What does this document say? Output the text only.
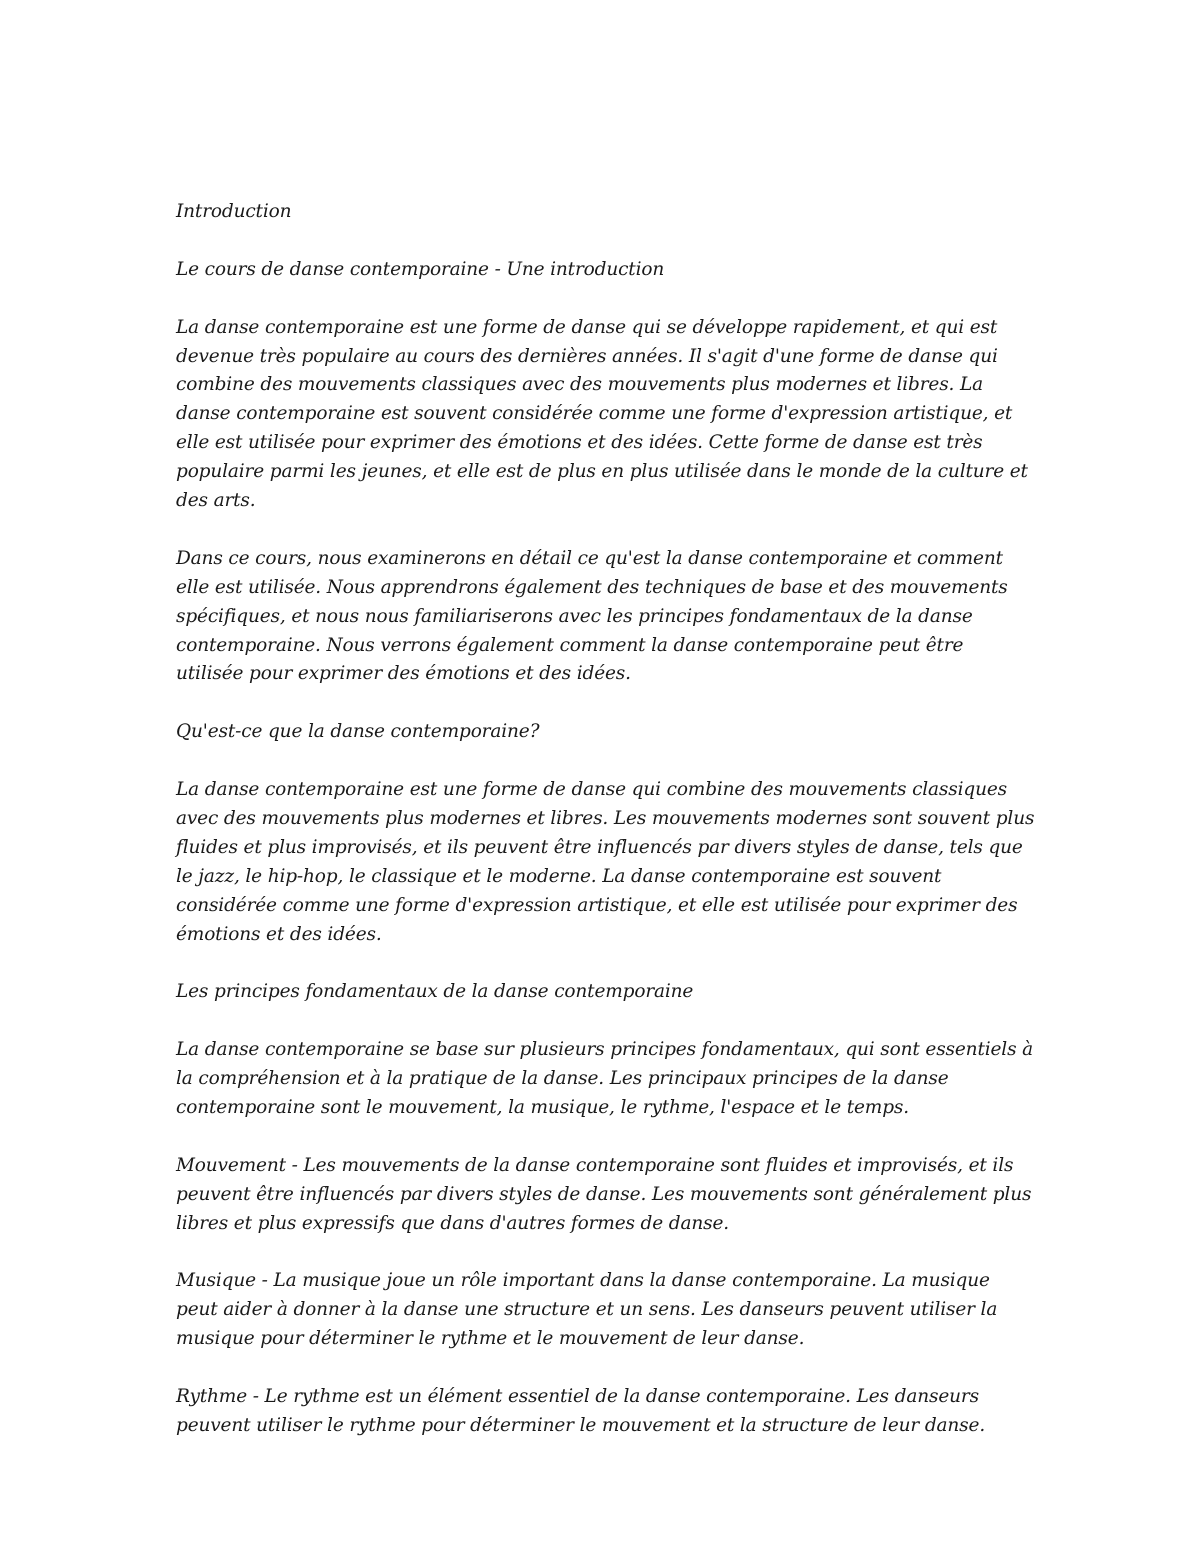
Introduction
Le cours de danse contemporaine - Une introduction
La danse contemporaine est une forme de danse qui se développe rapidement, et qui est devenue très populaire au cours des dernières années. Il s'agit d'une forme de danse qui combine des mouvements classiques avec des mouvements plus modernes et libres. La danse contemporaine est souvent considérée comme une forme d'expression artistique, et elle est utilisée pour exprimer des émotions et des idées. Cette forme de danse est très populaire parmi les jeunes, et elle est de plus en plus utilisée dans le monde de la culture et des arts.
Dans ce cours, nous examinerons en détail ce qu'est la danse contemporaine et comment elle est utilisée. Nous apprendrons également des techniques de base et des mouvements spécifiques, et nous nous familiariserons avec les principes fondamentaux de la danse contemporaine. Nous verrons également comment la danse contemporaine peut être utilisée pour exprimer des émotions et des idées.
Qu'est-ce que la danse contemporaine?
La danse contemporaine est une forme de danse qui combine des mouvements classiques avec des mouvements plus modernes et libres. Les mouvements modernes sont souvent plus fluides et plus improvisés, et ils peuvent être influencés par divers styles de danse, tels que le jazz, le hip-hop, le classique et le moderne. La danse contemporaine est souvent considérée comme une forme d'expression artistique, et elle est utilisée pour exprimer des émotions et des idées.
Les principes fondamentaux de la danse contemporaine
La danse contemporaine se base sur plusieurs principes fondamentaux, qui sont essentiels à la compréhension et à la pratique de la danse. Les principaux principes de la danse contemporaine sont le mouvement, la musique, le rythme, l'espace et le temps.
Mouvement - Les mouvements de la danse contemporaine sont fluides et improvisés, et ils peuvent être influencés par divers styles de danse. Les mouvements sont généralement plus libres et plus expressifs que dans d'autres formes de danse.
Musique - La musique joue un rôle important dans la danse contemporaine. La musique peut aider à donner à la danse une structure et un sens. Les danseurs peuvent utiliser la musique pour déterminer le rythme et le mouvement de leur danse.
Rythme - Le rythme est un élément essentiel de la danse contemporaine. Les danseurs peuvent utiliser le rythme pour déterminer le mouvement et la structure de leur danse.
